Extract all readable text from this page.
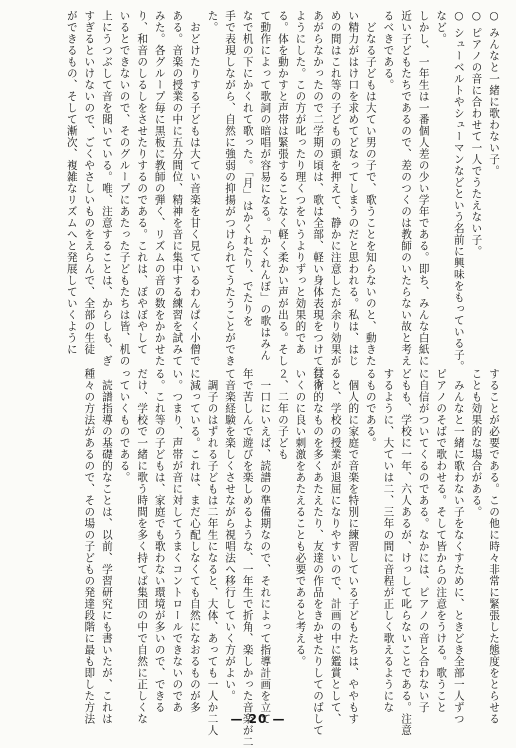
○ みんなと一緒に歌わない子。

○ ピアノの音に合わせて一人でうたえない子。

○ シューベルトやシューマンなどという名前に興味をもっている子。

など。

しかし、一年生は一番個人差の少い学年である。即ち、みんな白紙に

近い子どもたちであるので、差のつくのは教師のいたらない故と考え

るべきである。

　どなる子どもは大てい男の子で、歌うことを知らないのと、動きた

い精力がはけ口を求めてどなってしまうのだと思われる。私は、はじ

めの間はこれ等の子どもの頭を押えて、静かに注意したが余り効果が

あがらなかったので二学期の頃は、歌は全部、軽い身体表現をつけて行う

ようにした。この方が叱ったり理くつをいうよりずっと効果的であ

る。体を動かすと声帯は緊張することなく軽く柔かい声が出る。そし

て動作によって歌詞の暗唱が容易になる。「かくれんぼ」の歌はみん

なで机の下にかくれて歌った。「月」はかくれたり、でたりを

手で表現しながら、自然に強弱の抑揚がつけられてうたうことができ

た。

　おどけたりする子どもは大てい音楽を甘く見ているわんぱく小僧で

ある。音楽の授業の中に五分間位、精神を音に集中する練習を試みて

みた。各グループ毎に黒板に教師の弾く、リズムの音の数をかかせた

り、和音のしるしをさせたりするのである。これは、ぼやぼやして

いるとできないので、そのグループにあたった子どもたちは皆、机の

上にうつぶして音を聞いている。唯、注意することは、からしも、ぎ

すぎるといけないので、ごくやさしいものをえらんで、全部の生徒

ができるもの、そして漸次、複雑なリズムへと発展していくように

することが必要である。この他に時々非常に緊張した態度をとらせる

ことも効果的な場合がある。

　みんなと一緒に歌わない子をなくすために、ときどき全部一人ずつ

ピアノのそばで歌わせる。そして皆からの注意をうける。歌うこと

に自信がついてくるのである。なかには、ピアノの音と合わない子

どもも、学校に一年、六人あるが、けっして叱らないことである。注意

するように、大ていは二、三年の間に音程が正しく歌えるようにな

るものである。

　個人的に家庭で音楽を特別に練習している子どもたちは、ややもす

ると、学校の授業が退屈になりやすいので、計画の中に鑑賞として、

芸術的なものを多くあたえたり、友達の作品をきかせたりしてのばして

いくのに良い刺激をあたえることも必要であると考える。

２、二年の子ども

　一口にいえば、読譜の準備期なので、それによって指導計画を立て

年で苦しんで遊びを楽しめるような、一年生で折角、楽しかった音楽が二

て音楽経験を楽しくさせながら視唱法へ移行していく方がよい。

　調子のはずれる子どもは二年生になると、大体、あっても一人か二人

に減っている。これは、まだ心配しなくても自然になおるものが多

い。つまり、声帯が音に対してうまくコントロールできないのであ

る。これ等の子どもは、家庭でも歌わない環境が多いので、できる

だけ、学校で一緒に歌う時間を多く持てば集団の中で自然に正しくな

っていくものである。

　読譜指導の基礎的なことは、以前、学習研究にも書いたが、これは

種々の方法があるので、その場の子どもの発達段階に最も即した方法	— 20 —
